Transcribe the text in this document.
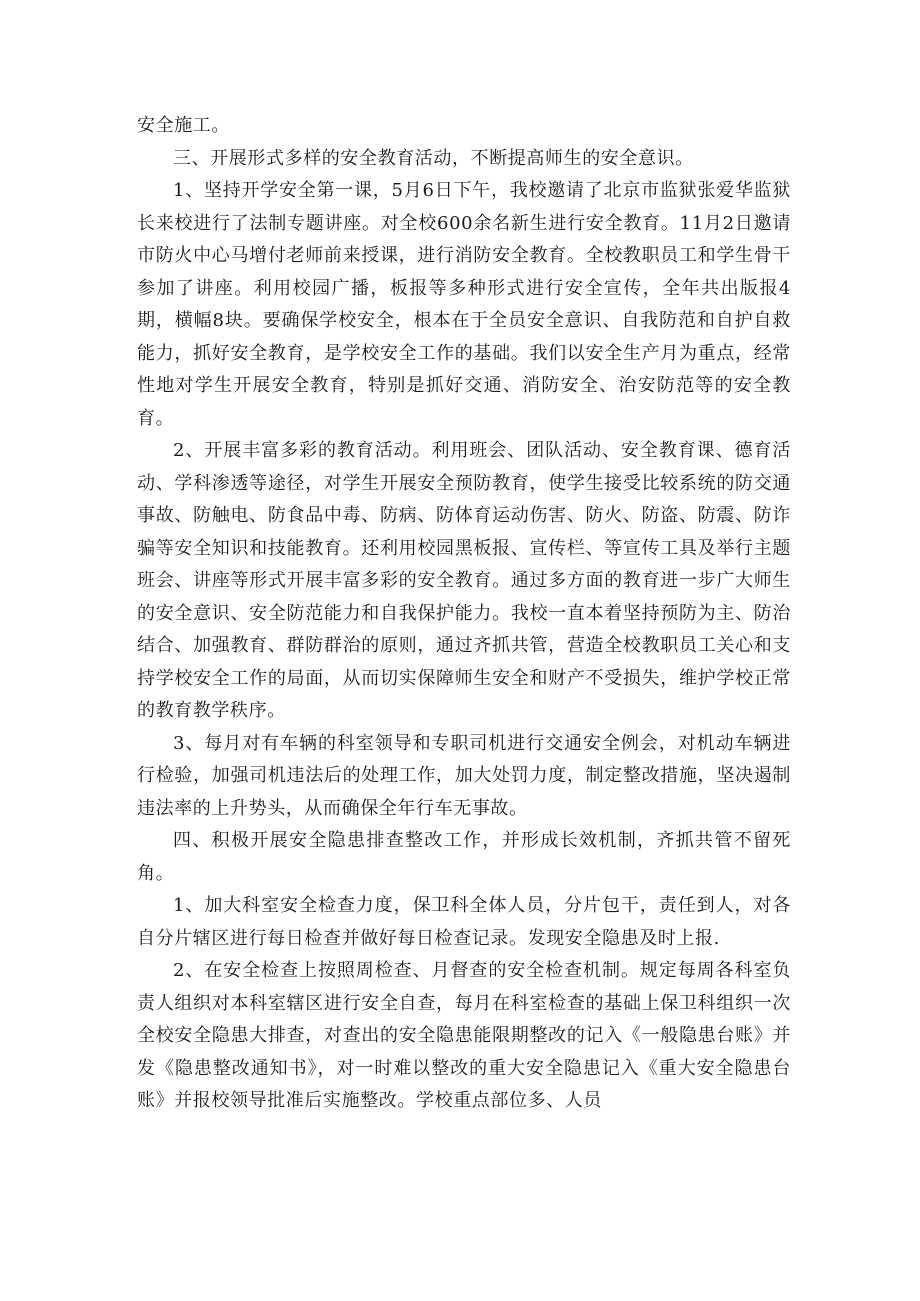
安全施工。

三、开展形式多样的安全教育活动，不断提高师生的安全意识。

1、坚持开学安全第一课，5月6日下午，我校邀请了北京市监狱张爱华监狱长来校进行了法制专题讲座。对全校600余名新生进行安全教育。11月2日邀请市防火中心马增付老师前来授课，进行消防安全教育。全校教职员工和学生骨干参加了讲座。利用校园广播，板报等多种形式进行安全宣传，全年共出版报4期，横幅8块。要确保学校安全，根本在于全员安全意识、自我防范和自护自救能力，抓好安全教育，是学校安全工作的基础。我们以安全生产月为重点，经常性地对学生开展安全教育，特别是抓好交通、消防安全、治安防范等的安全教育。

2、开展丰富多彩的教育活动。利用班会、团队活动、安全教育课、德育活动、学科渗透等途径，对学生开展安全预防教育，使学生接受比较系统的防交通事故、防触电、防食品中毒、防病、防体育运动伤害、防火、防盗、防震、防诈骗等安全知识和技能教育。还利用校园黑板报、宣传栏、等宣传工具及举行主题班会、讲座等形式开展丰富多彩的安全教育。通过多方面的教育进一步广大师生的安全意识、安全防范能力和自我保护能力。我校一直本着坚持预防为主、防治结合、加强教育、群防群治的原则，通过齐抓共管，营造全校教职员工关心和支持学校安全工作的局面，从而切实保障师生安全和财产不受损失，维护学校正常的教育教学秩序。

3、每月对有车辆的科室领导和专职司机进行交通安全例会，对机动车辆进行检验，加强司机违法后的处理工作，加大处罚力度，制定整改措施，坚决遏制违法率的上升势头，从而确保全年行车无事故。

四、积极开展安全隐患排查整改工作，并形成长效机制，齐抓共管不留死角。

1、加大科室安全检查力度，保卫科全体人员，分片包干，责任到人，对各自分片辖区进行每日检查并做好每日检查记录。发现安全隐患及时上报.

2、在安全检查上按照周检查、月督查的安全检查机制。规定每周各科室负责人组织对本科室辖区进行安全自查，每月在科室检查的基础上保卫科组织一次全校安全隐患大排查，对查出的安全隐患能限期整改的记入《一般隐患台账》并发《隐患整改通知书》，对一时难以整改的重大安全隐患记入《重大安全隐患台账》并报校领导批准后实施整改。学校重点部位多、人员
